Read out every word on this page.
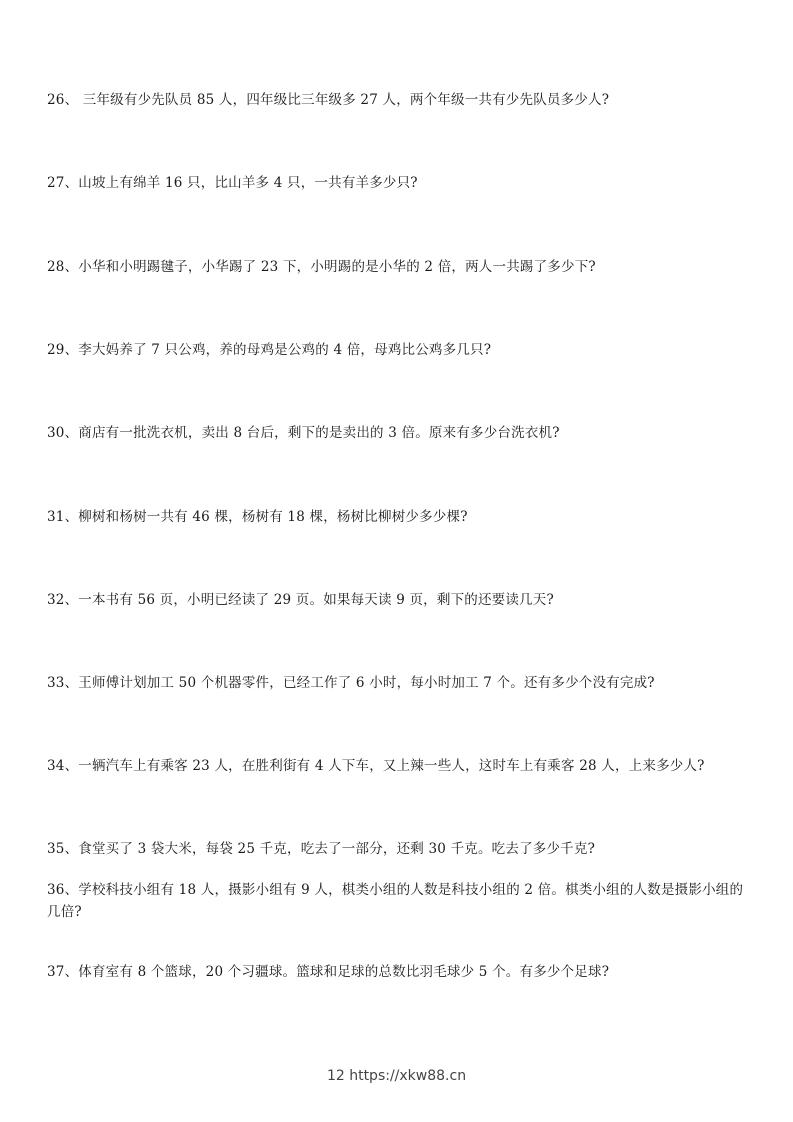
26、 三年级有少先队员 85 人，四年级比三年级多 27 人，两个年级一共有少先队员多少人?
27、山坡上有绵羊 16 只，比山羊多 4 只，一共有羊多少只?
28、小华和小明踢毽子，小华踢了 23 下，小明踢的是小华的 2 倍，两人一共踢了多少下?
29、李大妈养了 7 只公鸡，养的母鸡是公鸡的 4 倍，母鸡比公鸡多几只?
30、商店有一批洗衣机，卖出 8 台后，剩下的是卖出的 3 倍。原来有多少台洗衣机?
31、柳树和杨树一共有 46 棵，杨树有 18 棵，杨树比柳树少多少棵?
32、一本书有 56 页，小明已经读了 29 页。如果每天读 9 页，剩下的还要读几天?
33、王师傅计划加工 50 个机器零件，已经工作了 6 小时，每小时加工 7 个。还有多少个没有完成?
34、一辆汽车上有乘客 23 人，在胜利街有 4 人下车，又上辣一些人，这时车上有乘客 28 人，上来多少人?
35、食堂买了 3 袋大米，每袋 25 千克，吃去了一部分，还剩 30 千克。吃去了多少千克?
36、学校科技小组有 18 人，摄影小组有 9 人，棋类小组的人数是科技小组的 2 倍。棋类小组的人数是摄影小组的几倍?
37、体育室有 8 个篮球，20 个习疆球。篮球和足球的总数比羽毛球少 5 个。有多少个足球?
12 https://xkw88.cn
